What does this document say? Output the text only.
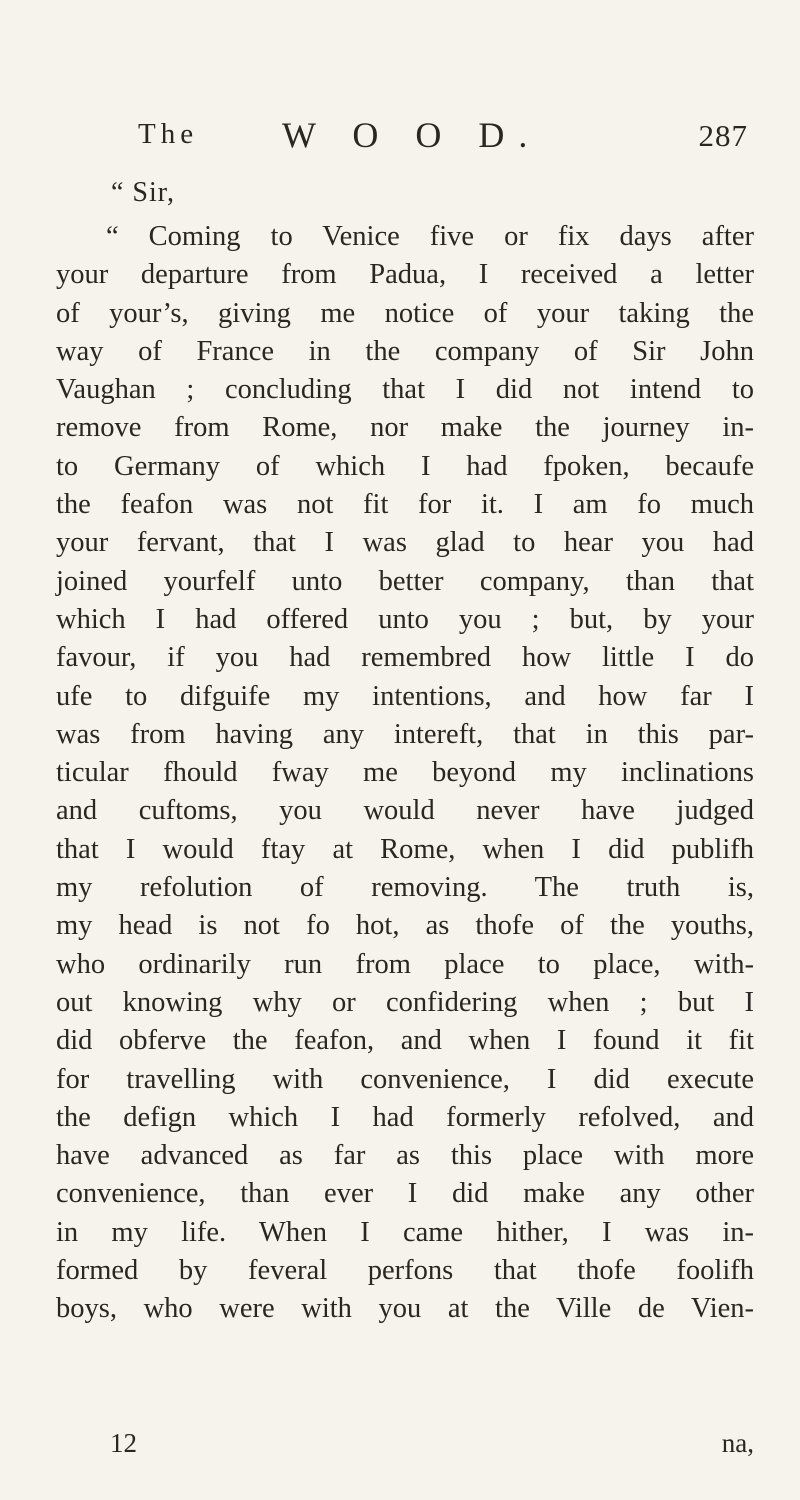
The W O O D.	287
“ Sir,
“ Coming to Venice five or fix days after
your departure from Padua, I received a letter
of your’s, giving me notice of your taking the
way of France in the company of Sir John
Vaughan ; concluding that I did not intend to
remove from Rome, nor make the journey in-
to Germany of which I had fpoken, becaufe
the feafon was not fit for it. I am fo much
your fervant, that I was glad to hear you had
joined yourfelf unto better company, than that
which I had offered unto you ; but, by your
favour, if you had remembred how little I do
ufe to difguife my intentions, and how far I
was from having any intereft, that in this par-
ticular fhould fway me beyond my inclinations
and cuftoms, you would never have judged
that I would ftay at Rome, when I did publifh
my refolution of removing. The truth is,
my head is not fo hot, as thofe of the youths,
who ordinarily run from place to place, with-
out knowing why or confidering when ; but I
did obferve the feafon, and when I found it fit
for travelling with convenience, I did execute
the defign which I had formerly refolved, and
have advanced as far as this place with more
convenience, than ever I did make any other
in my life. When I came hither, I was in-
formed by feveral perfons that thofe foolifh
boys, who were with you at the Ville de Vien-
12	na,
